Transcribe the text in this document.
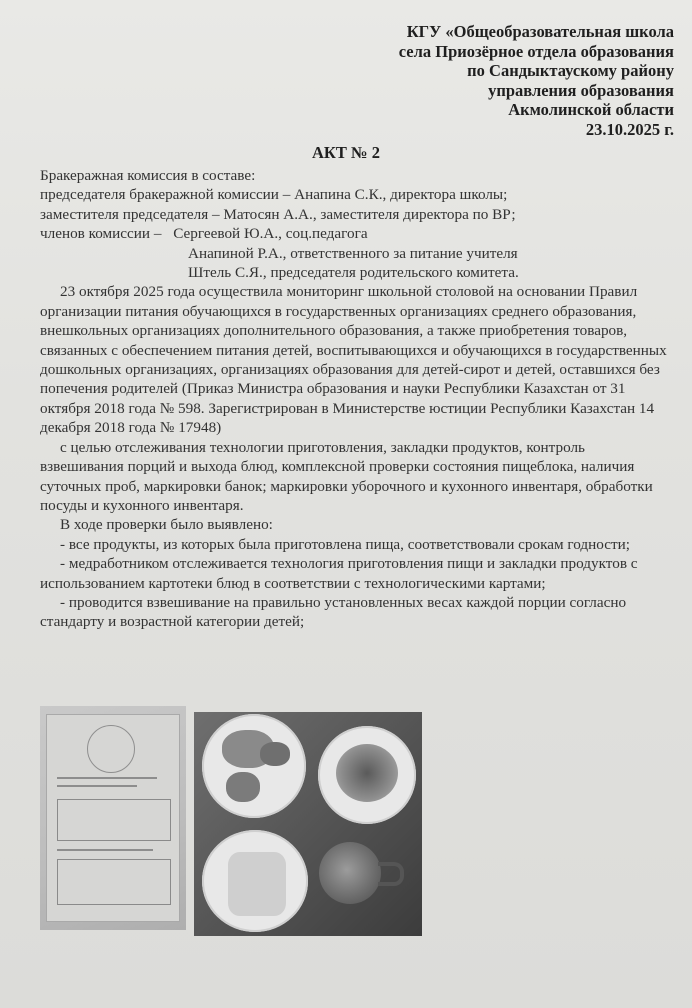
КГУ «Общеобразовательная школа
села Приозёрное отдела образования
по Сандыктаускому району
управления образования
Акмолинской области
23.10.2025 г.
АКТ № 2

Бракеражная комиссия в составе:

председателя бракеражной комиссии – Анапина С.К., директора школы;

заместителя председателя – Матосян А.А., заместителя директора по ВР;

членов комиссии – Сергеевой Ю.А., соц.педагога

Анапиной Р.А., ответственного за питание учителя

Штель С.Я., председателя родительского комитета.

23 октября 2025 года осуществила мониторинг школьной столовой на основании Правил организации питания обучающихся в государственных организациях среднего образования, внешкольных организациях дополнительного образования, а также приобретения товаров, связанных с обеспечением питания детей, воспитывающихся и обучающихся в государственных дошкольных организациях, организациях образования для детей-сирот и детей, оставшихся без попечения родителей (Приказ Министра образования и науки Республики Казахстан от 31 октября 2018 года № 598. Зарегистрирован в Министерстве юстиции Республики Казахстан 14 декабря 2018 года № 17948)

с целью отслеживания технологии приготовления, закладки продуктов, контроль взвешивания порций и выхода блюд, комплексной проверки состояния пищеблока, наличия суточных проб, маркировки банок; маркировки уборочного и кухонного инвентаря, обработки посуды и кухонного инвентаря.

В ходе проверки было выявлено:

- все продукты, из которых была приготовлена пища, соответствовали срокам годности;

- медработником отслеживается технология приготовления пищи и закладки продуктов с использованием картотеки блюд в соответствии с технологическими картами;

- проводится взвешивание на правильно установленных весах каждой порции согласно стандарту и возрастной категории детей;
